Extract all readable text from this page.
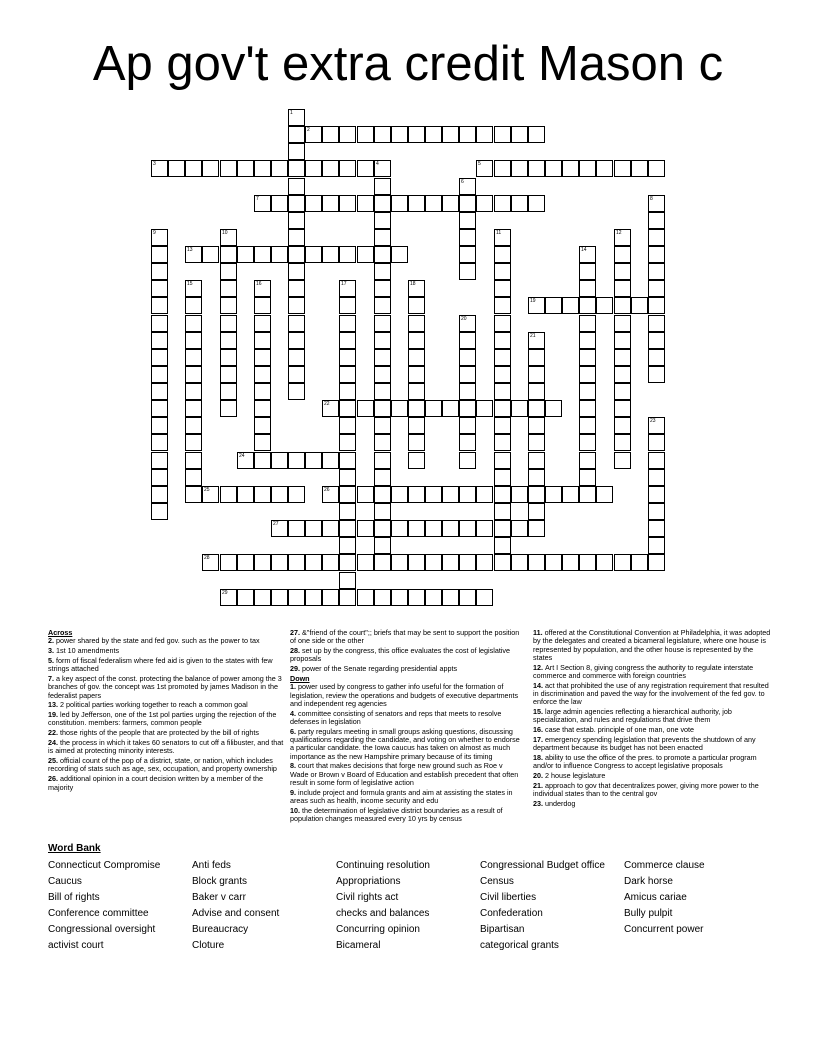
Ap gov't extra credit Mason c
2
3	5
7
13
19
22
24
25	26
27
28
29
1
4
6
8
9	10	11	12
14
15	16	17	18
20
21
23

Across

2. power shared by the state and fed gov. such as the power to tax

3. 1st 10 amendments

5. form of fiscal federalism where fed aid is given to the states with few strings attached

7. a key aspect of the const. protecting the balance of power among the 3 branches of gov. the concept was 1st promoted by james Madison in the federalist papers

13. 2 political parties working together to reach a common goal

19. led by Jefferson, one of the 1st pol parties urging the rejection of the constitution. members: farmers, common people

22. those rights of the people that are protected by the bill of rights

24. the process in which it takes 60 senators to cut off a filibuster, and that is aimed at protecting minority interests.

25. official count of the pop of a district, state, or nation, which includes recording of stats such as age, sex, occupation, and property ownership

26. additional opinion in a court decision written by a member of the majority

27. &"friend of the court";; briefs that may be sent to support the position of one side or the other

28. set up by the congress, this office evaluates the cost of legislative proposals

29. power of the Senate regarding presidential appts

Down

1. power used by congress to gather info useful for the formation of legislation, review the operations and budgets of executive departments and independent reg agencies

4. committee consisting of senators and reps that meets to resolve defenses in legislation

6. party regulars meeting in small groups asking questions, discussing qualifications regarding the candidate, and voting on whether to endorse a particular candidate. the Iowa caucus has taken on almost as much importance as the new Hampshire primary because of its timing

8. court that makes decisions that forge new ground such as Roe v Wade or Brown v Board of Education and establish precedent that often result in some form of legislative action

9. include project and formula grants and aim at assisting the states in areas such as health, income security and edu

10. the determination of legislative district boundaries as a result of population changes measured every 10 yrs by census

11. offered at the Constitutional Convention at Philadelphia, it was adopted by the delegates and created a bicameral legislature, where one house is represented by population, and the other house is represented by the states

12. Art I Section 8, giving congress the authority to regulate interstate commerce and commerce with foreign countries

14. act that prohibited the use of any registration requirement that resulted in discrimination and paved the way for the involvement of the fed gov. to enforce the law

15. large admin agencies reflecting a hierarchical authority, job specialization, and rules and regulations that drive them

16. case that estab. principle of one man, one vote

17. emergency spending legislation that prevents the shutdown of any department because its budget has not been enacted

18. ability to use the office of the pres. to promote a particular program and/or to influence Congress to accept legislative proposals

20. 2 house legislature

21. approach to gov that decentralizes power, giving more power to the individual states than to the central gov

23. underdog

Word Bank
Connecticut Compromise
Caucus
Bill of rights
Conference committee
Congressional oversight
activist court
Anti feds
Block grants
Baker v carr
Advise and consent
Bureaucracy
Cloture
Continuing resolution
Appropriations
Civil rights act
checks and balances
Concurring opinion
Bicameral
Congressional Budget office
Census
Civil liberties
Confederation
Bipartisan
categorical grants
Commerce clause
Dark horse
Amicus cariae
Bully pulpit
Concurrent power
